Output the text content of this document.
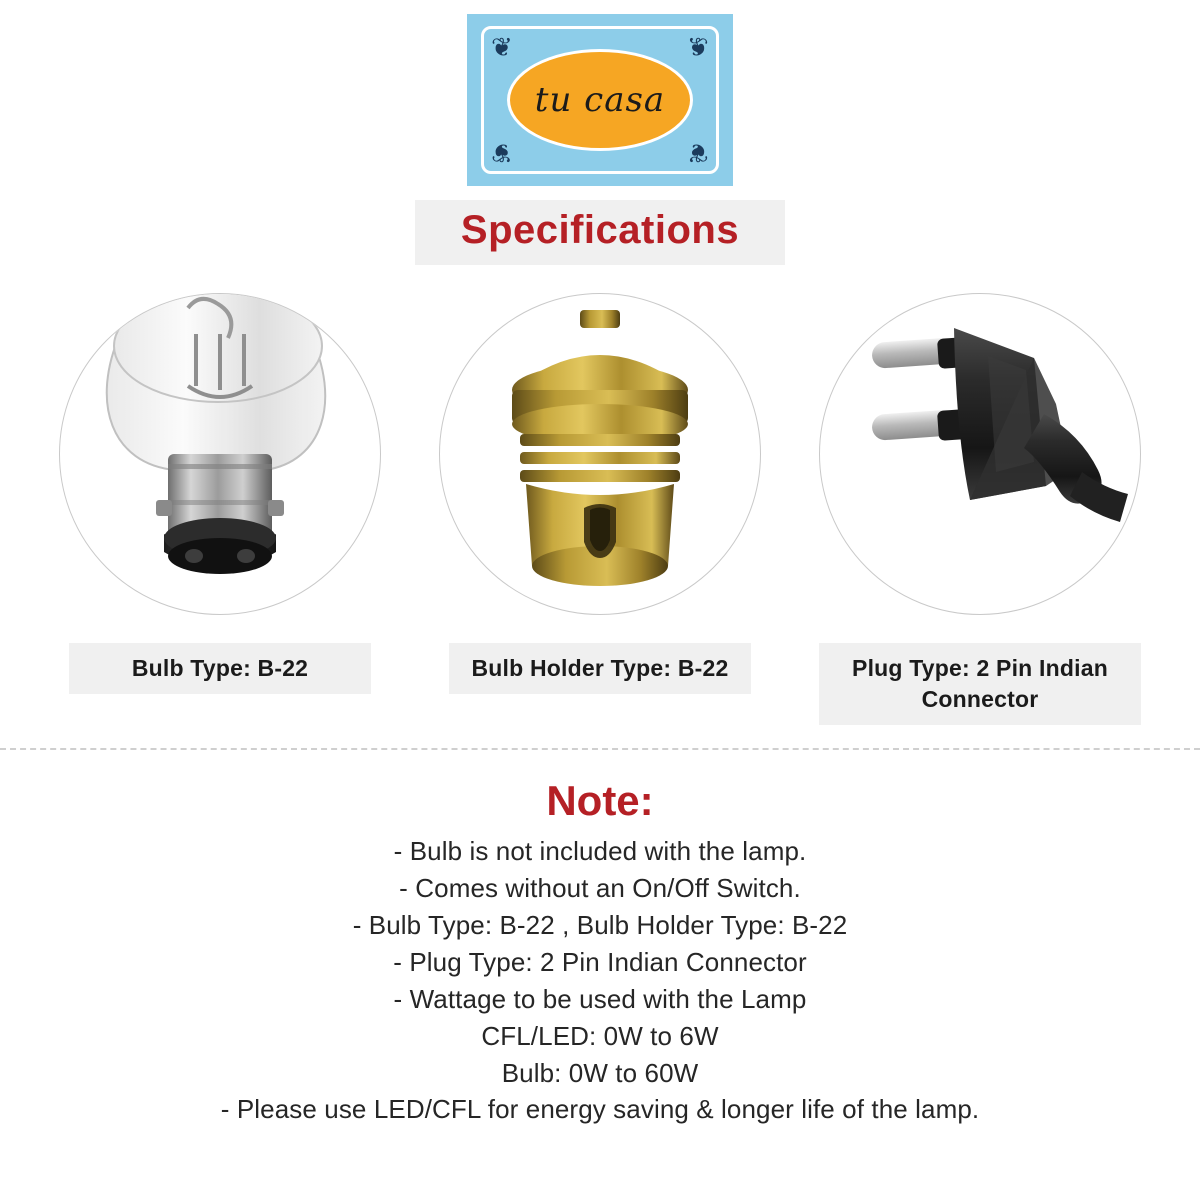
❦	❦
❦	❦
tu casa
Specifications
Bulb Type: B-22	Bulb Holder Type: B-22	Plug Type: 2 Pin Indian Connector
Note:
- Bulb is not included with the lamp.
- Comes without an On/Off Switch.
- Bulb Type: B-22 , Bulb Holder Type: B-22
- Plug Type: 2 Pin Indian Connector
- Wattage to be used with the Lamp
CFL/LED: 0W to 6W
Bulb: 0W to 60W
- Please use LED/CFL for energy saving & longer life of the lamp.
